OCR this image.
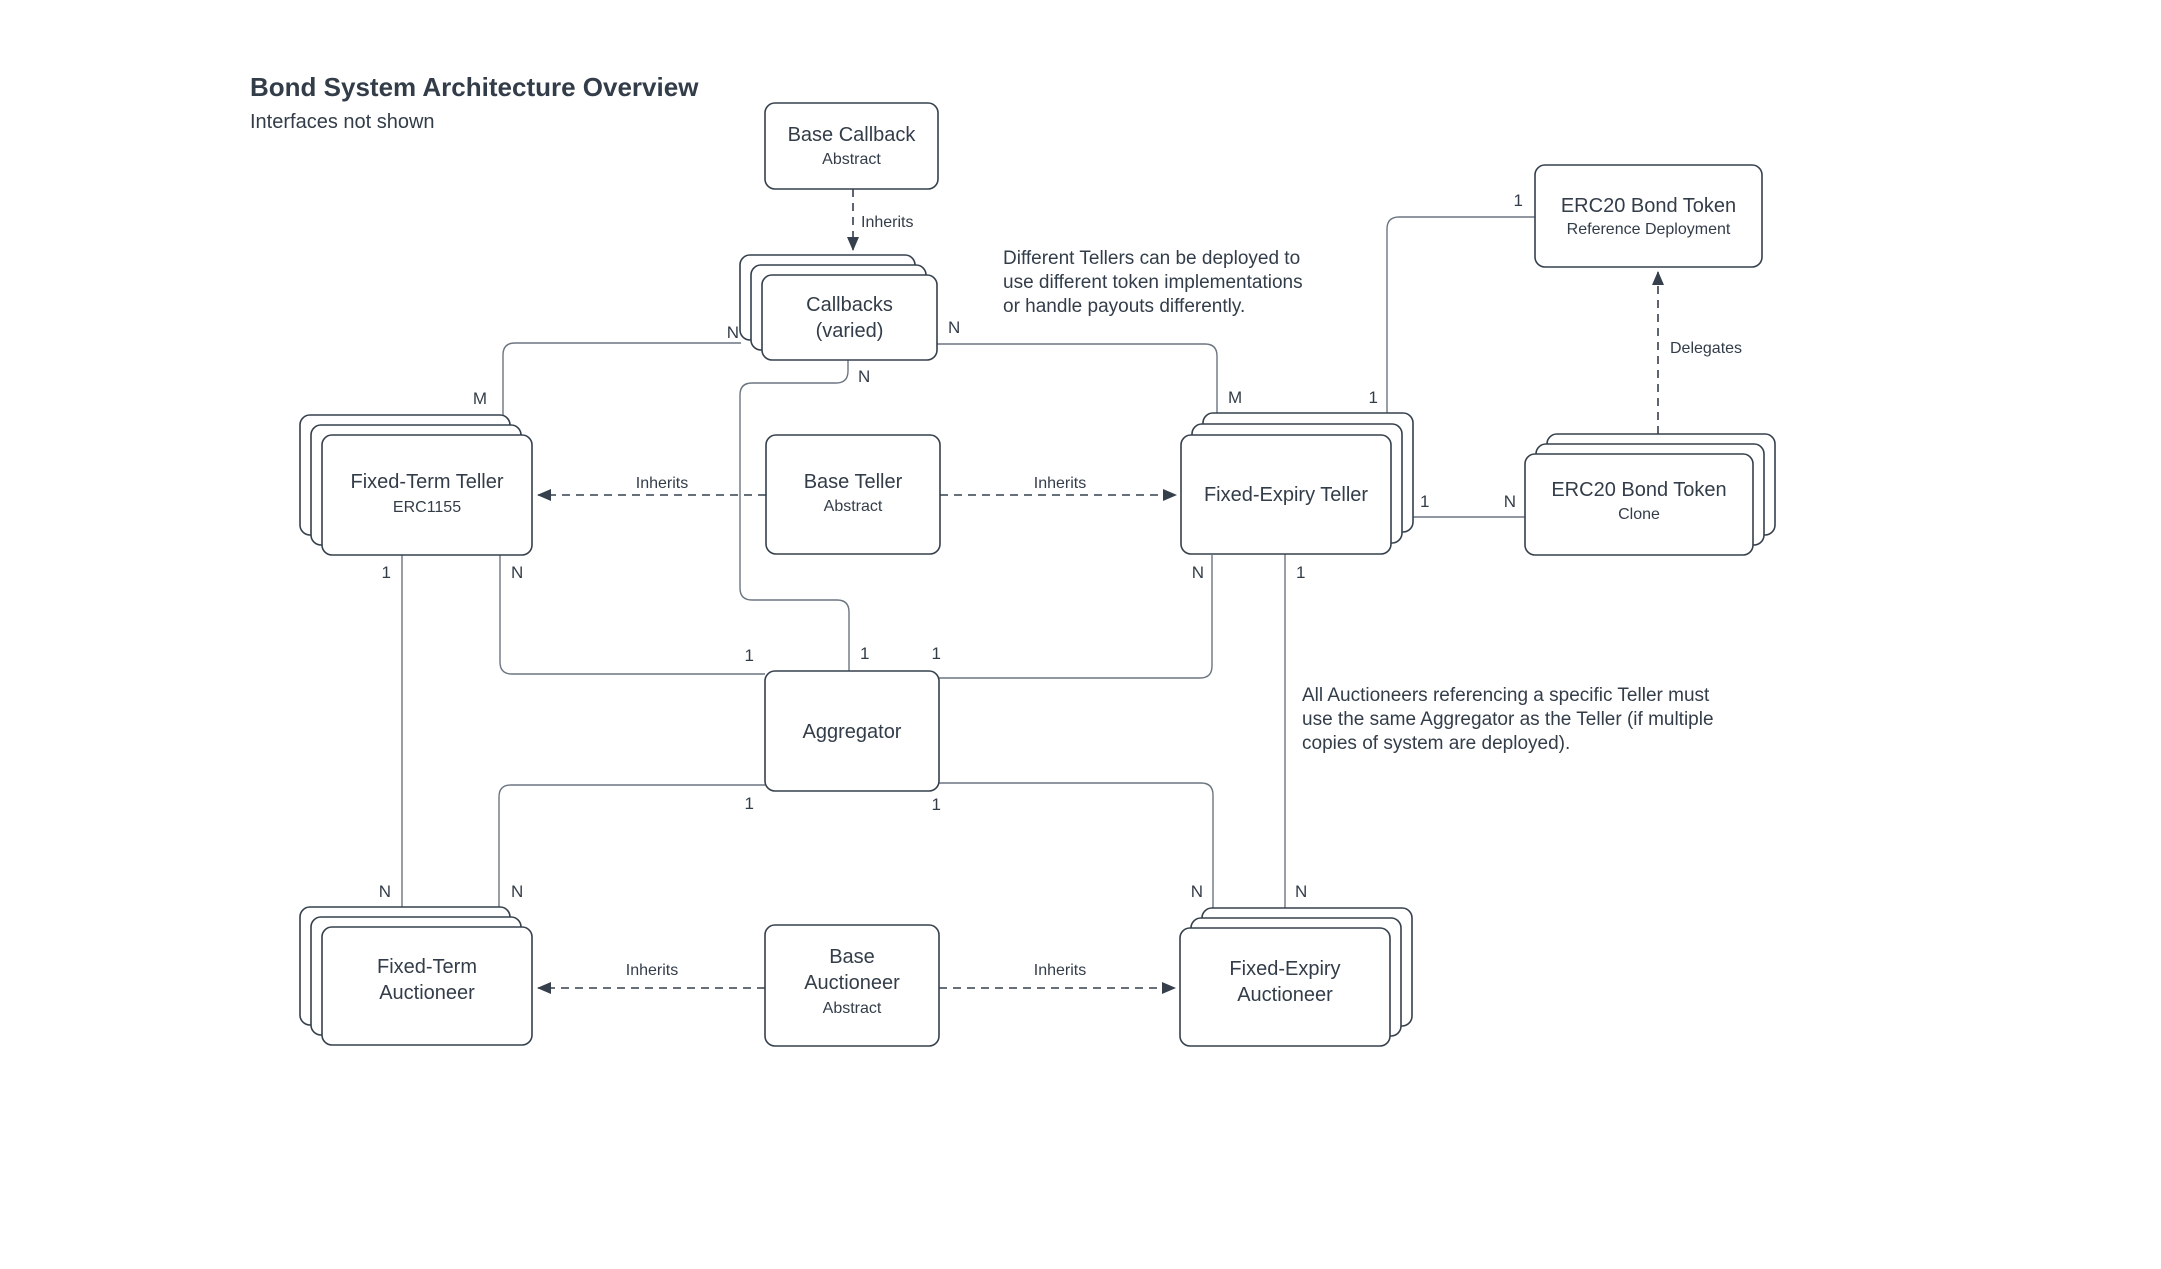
Bond System Architecture Overview
Interfaces not shown
Base Callback
Abstract
Callbacks
(varied)
ERC20 Bond Token
Reference Deployment
Fixed-Term Teller
ERC1155
Base Teller
Abstract
Fixed-Expiry Teller	ERC20 Bond Token
Clone
Aggregator
Fixed-Term
Auctioneer
Base
Auctioneer
Abstract
Fixed-Expiry
Auctioneer
Inherits
Inherits	Inherits
Inherits	Inherits
Delegates
N
M
N
M	1
1
N
1
1	N
1
1
1
1
N	N
N	1
N	N
1	N
Different Tellers can be deployed to
use different token implementations
or handle payouts differently.
All Auctioneers referencing a specific Teller must
use the same Aggregator as the Teller (if multiple
copies of system are deployed).
